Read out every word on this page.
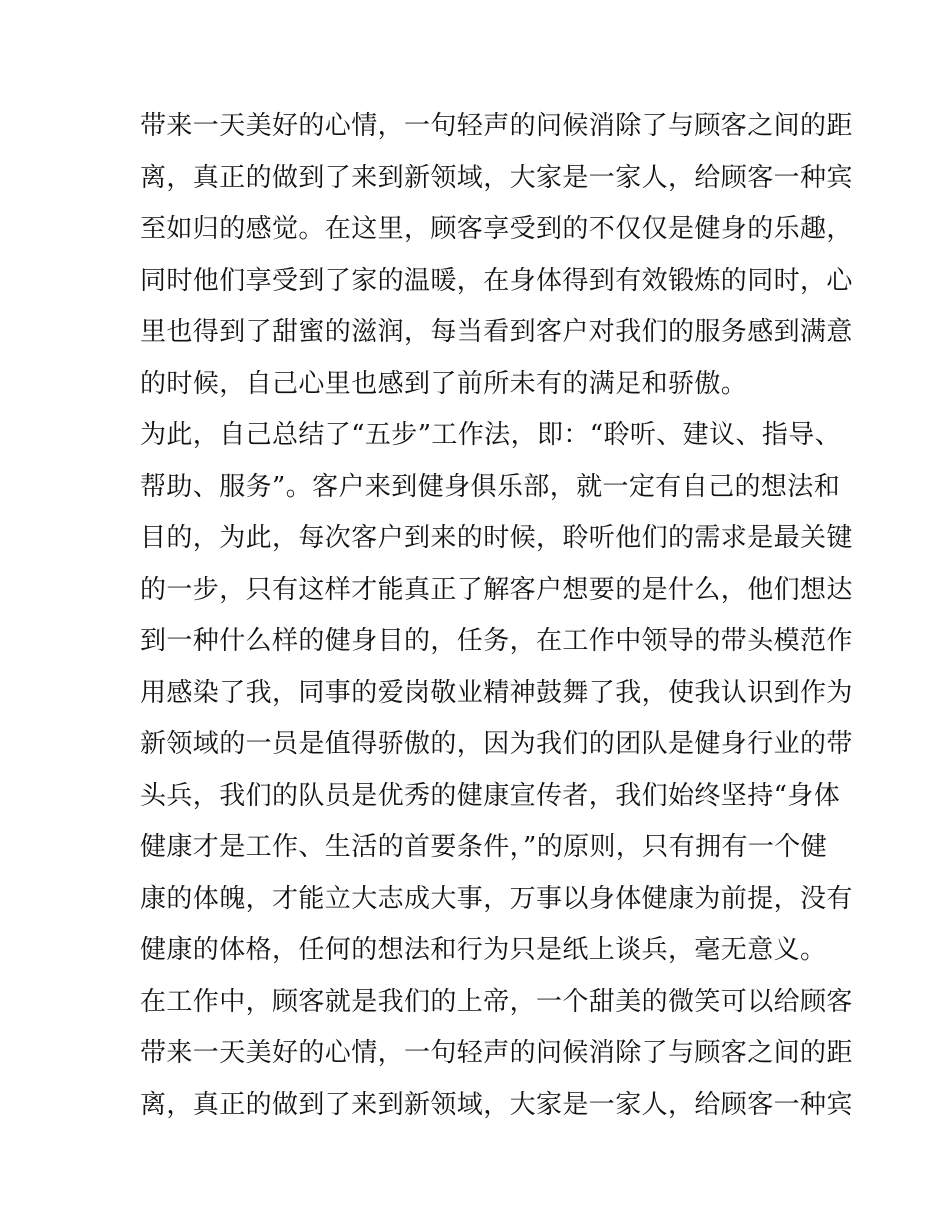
带来一天美好的心情，一句轻声的问候消除了与顾客之间的距
离，真正的做到了来到新领域，大家是一家人，给顾客一种宾
至如归的感觉。在这里，顾客享受到的不仅仅是健身的乐趣，
同时他们享受到了家的温暖，在身体得到有效锻炼的同时，心
里也得到了甜蜜的滋润，每当看到客户对我们的服务感到满意
的时候，自己心里也感到了前所未有的满足和骄傲。
为此，自己总结了“五步”工作法，即：“聆听、建议、指导、
帮助、服务”。客户来到健身俱乐部，就一定有自己的想法和
目的，为此，每次客户到来的时候，聆听他们的需求是最关键
的一步，只有这样才能真正了解客户想要的是什么，他们想达
到一种什么样的健身目的，任务，在工作中领导的带头模范作
用感染了我，同事的爱岗敬业精神鼓舞了我，使我认识到作为
新领域的一员是值得骄傲的，因为我们的团队是健身行业的带
头兵，我们的队员是优秀的健康宣传者，我们始终坚持“身体
健康才是工作、生活的首要条件，”的原则，只有拥有一个健
康的体魄，才能立大志成大事，万事以身体健康为前提，没有
健康的体格，任何的想法和行为只是纸上谈兵，毫无意义。
在工作中，顾客就是我们的上帝，一个甜美的微笑可以给顾客
带来一天美好的心情，一句轻声的问候消除了与顾客之间的距
离，真正的做到了来到新领域，大家是一家人，给顾客一种宾
